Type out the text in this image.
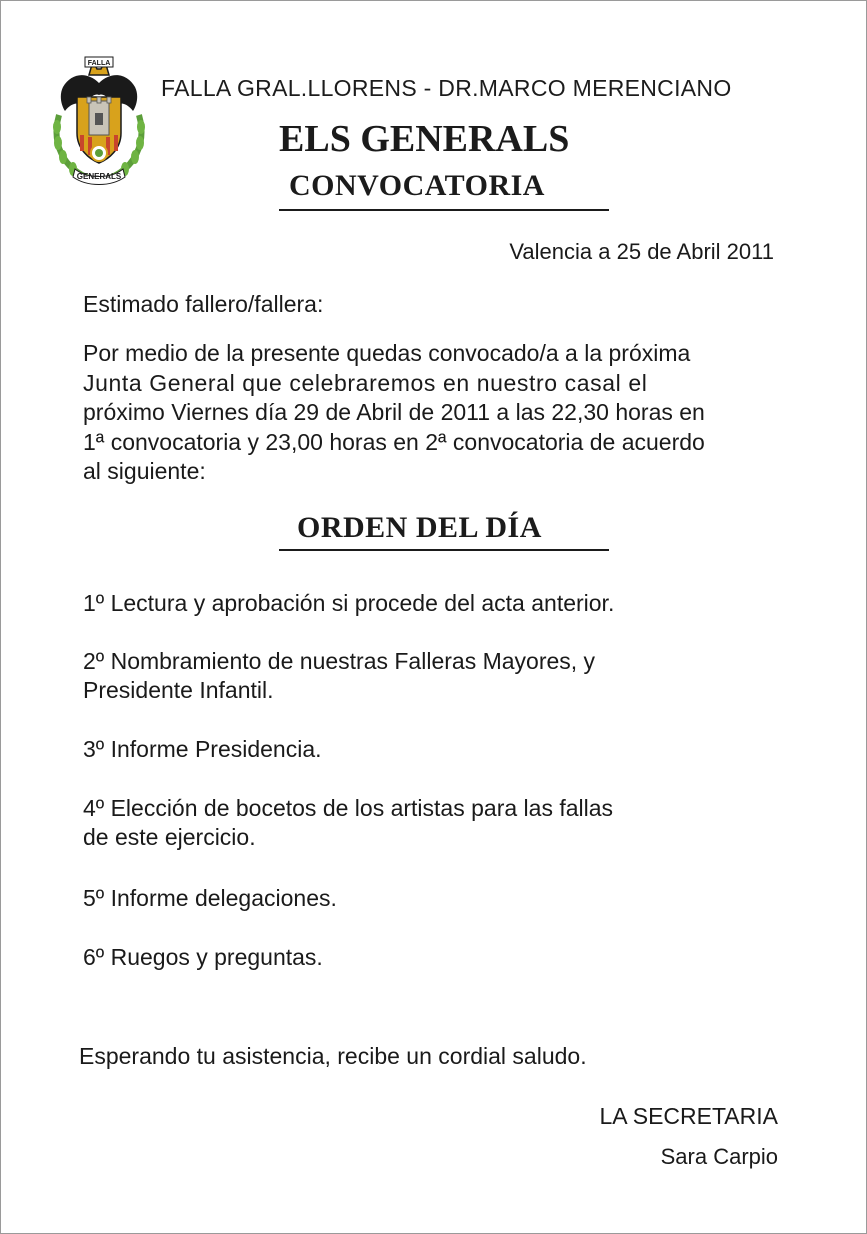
FALLA
GENERALS
FALLA GRAL.LLORENS - DR.MARCO MERENCIANO
ELS GENERALS
CONVOCATORIA
Valencia a 25 de Abril 2011
Estimado fallero/fallera:
Por medio de la presente quedas convocado/a a la próxima
Junta General que celebraremos en nuestro casal el
próximo Viernes día 29 de Abril de 2011 a las 22,30 horas en
1ª convocatoria y 23,00 horas en 2ª convocatoria de acuerdo
al siguiente:
ORDEN DEL DÍA
1º Lectura y aprobación si procede del acta anterior.
2º Nombramiento de nuestras Falleras Mayores, y
Presidente Infantil.
3º Informe Presidencia.
4º Elección de bocetos de los artistas para las fallas
de este ejercicio.
5º Informe delegaciones.
6º Ruegos y preguntas.
Esperando tu asistencia, recibe un cordial saludo.
LA SECRETARIA
Sara Carpio
